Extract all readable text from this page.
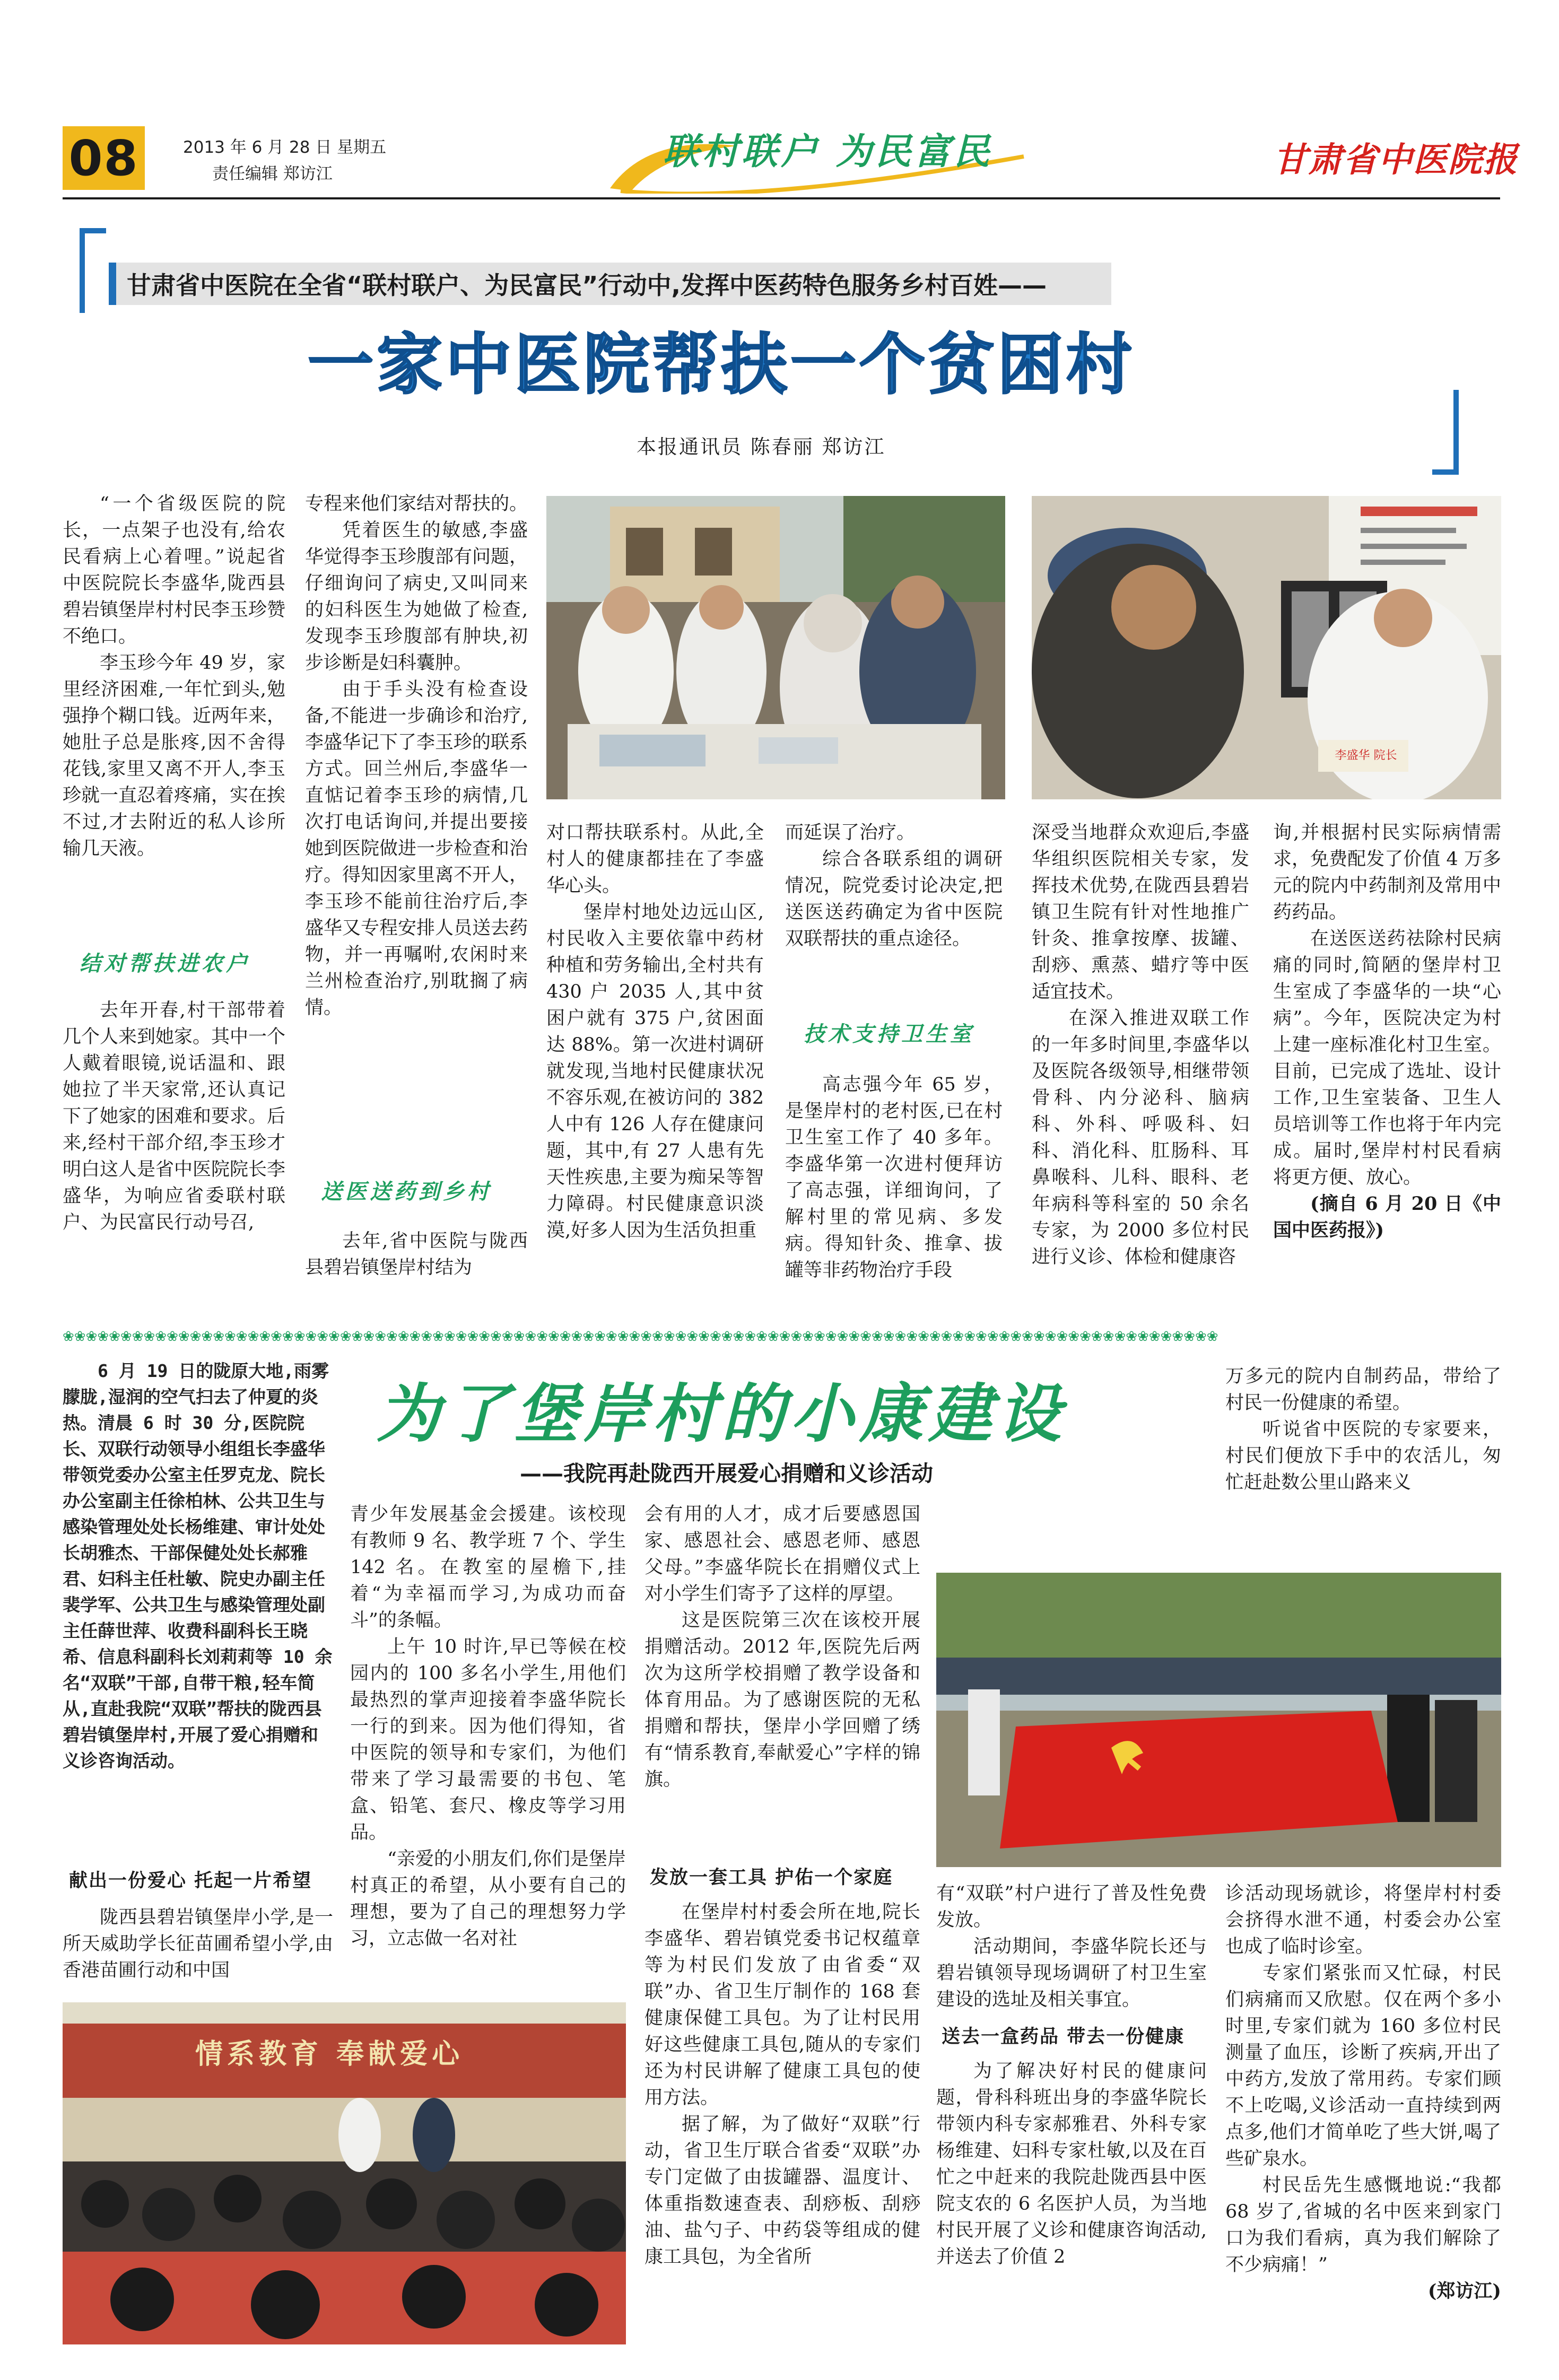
08	2013 年 6 月 28 日 星期五
责任编辑 郑访江
联村联户 为民富民	甘肃省中医院报
甘肃省中医院在全省“联村联户、为民富民”行动中,发挥中医药特色服务乡村百姓——
一家中医院帮扶一个贫困村
本报通讯员 陈春丽 郑访江

“一个省级医院的院长，一点架子也没有,给农民看病上心着哩。”说起省中医院院长李盛华,陇西县碧岩镇堡岸村村民李玉珍赞不绝口。

李玉珍今年 49 岁，家里经济困难,一年忙到头,勉强挣个糊口钱。近两年来，她肚子总是胀疼,因不舍得花钱,家里又离不开人,李玉珍就一直忍着疼痛，实在挨不过,才去附近的私人诊所输几天液。

结对帮扶进农户

去年开春,村干部带着几个人来到她家。其中一个人戴着眼镜,说话温和、跟她拉了半天家常,还认真记下了她家的困难和要求。后来,经村干部介绍,李玉珍才明白这人是省中医院院长李盛华，为响应省委联村联户、为民富民行动号召,

专程来他们家结对帮扶的。

凭着医生的敏感,李盛华觉得李玉珍腹部有问题，仔细询问了病史,又叫同来的妇科医生为她做了检查,发现李玉珍腹部有肿块,初步诊断是妇科囊肿。

由于手头没有检查设备,不能进一步确诊和治疗,李盛华记下了李玉珍的联系方式。回兰州后,李盛华一直惦记着李玉珍的病情,几次打电话询问,并提出要接她到医院做进一步检查和治疗。得知因家里离不开人，李玉珍不能前往治疗后,李盛华又专程安排人员送去药物，并一再嘱咐,农闲时来兰州检查治疗,别耽搁了病情。

送医送药到乡村

去年,省中医院与陇西县碧岩镇堡岸村结为

李盛华 院长

对口帮扶联系村。从此,全村人的健康都挂在了李盛华心头。

堡岸村地处边远山区,村民收入主要依靠中药材种植和劳务输出,全村共有 430 户 2035 人,其中贫困户就有 375 户,贫困面达 88%。第一次进村调研就发现,当地村民健康状况不容乐观,在被访问的 382 人中有 126 人存在健康问题，其中,有 27 人患有先天性疾患,主要为痴呆等智力障碍。村民健康意识淡漠,好多人因为生活负担重

而延误了治疗。

综合各联系组的调研情况，院党委讨论决定,把送医送药确定为省中医院双联帮扶的重点途径。

技术支持卫生室

高志强今年 65 岁，是堡岸村的老村医,已在村卫生室工作了 40 多年。李盛华第一次进村便拜访了高志强，详细询问，了解村里的常见病、多发病。得知针灸、推拿、拔罐等非药物治疗手段

深受当地群众欢迎后,李盛华组织医院相关专家，发挥技术优势,在陇西县碧岩镇卫生院有针对性地推广针灸、推拿按摩、拔罐、刮痧、熏蒸、蜡疗等中医适宜技术。

在深入推进双联工作的一年多时间里,李盛华以及医院各级领导,相继带领骨科、内分泌科、脑病科、外科、呼吸科、妇科、消化科、肛肠科、耳鼻喉科、儿科、眼科、老年病科等科室的 50 余名专家，为 2000 多位村民进行义诊、体检和健康咨

询,并根据村民实际病情需求，免费配发了价值 4 万多元的院内中药制剂及常用中药药品。

在送医送药祛除村民病痛的同时,简陋的堡岸村卫生室成了李盛华的一块“心病”。今年，医院决定为村上建一座标准化村卫生室。目前，已完成了选址、设计工作,卫生室装备、卫生人员培训等工作也将于年内完成。届时,堡岸村村民看病将更方便、放心。

(摘自 6 月 20 日《中国中医药报》)

❀❀❀❀❀❀❀❀❀❀❀❀❀❀❀❀❀❀❀❀❀❀❀❀❀❀❀❀❀❀❀❀❀❀❀❀❀❀❀❀❀❀❀❀❀❀❀❀❀❀❀❀❀❀❀❀❀❀❀❀❀❀❀❀❀❀❀❀❀❀❀❀❀❀❀❀❀❀❀❀❀❀❀❀❀❀❀❀❀❀❀❀❀❀❀❀❀❀❀❀
6 月 19 日的陇原大地,雨雾朦胧,湿润的空气扫去了仲夏的炎热。清晨 6 时 30 分,医院院长、双联行动领导小组组长李盛华带领党委办公室主任罗克龙、院长办公室副主任徐柏林、公共卫生与感染管理处处长杨维建、审计处处长胡雅杰、干部保健处处长郝雅君、妇科主任杜敏、院史办副主任裴学军、公共卫生与感染管理处副主任薛世萍、收费科副科长王晓希、信息科副科长刘莉莉等 10 余名“双联”干部,自带干粮,轻车简从,直赴我院“双联”帮扶的陇西县碧岩镇堡岸村,开展了爱心捐赠和义诊咨询活动。
为了堡岸村的小康建设
——我院再赴陇西开展爱心捐赠和义诊活动
献出一份爱心 托起一片希望

陇西县碧岩镇堡岸小学,是一所天威助学长征苗圃希望小学,由香港苗圃行动和中国

青少年发展基金会援建。该校现有教师 9 名、教学班 7 个、学生 142 名。在教室的屋檐下,挂着“为幸福而学习,为成功而奋斗”的条幅。

上午 10 时许,早已等候在校园内的 100 多名小学生,用他们最热烈的掌声迎接着李盛华院长一行的到来。因为他们得知，省中医院的领导和专家们，为他们带来了学习最需要的书包、笔盒、铅笔、套尺、橡皮等学习用品。

“亲爱的小朋友们,你们是堡岸村真正的希望，从小要有自己的理想，要为了自己的理想努力学习，立志做一名对社

会有用的人才，成才后要感恩国家、感恩社会、感恩老师、感恩父母。”李盛华院长在捐赠仪式上对小学生们寄予了这样的厚望。

这是医院第三次在该校开展捐赠活动。2012 年,医院先后两次为这所学校捐赠了教学设备和体育用品。为了感谢医院的无私捐赠和帮扶，堡岸小学回赠了绣有“情系教育,奉献爱心”字样的锦旗。

发放一套工具 护佑一个家庭

在堡岸村村委会所在地,院长李盛华、碧岩镇党委书记权蕴章等为村民们发放了由省委“双联”办、省卫生厅制作的 168 套健康保健工具包。为了让村民用好这些健康工具包,随从的专家们还为村民讲解了健康工具包的使用方法。

据了解，为了做好“双联”行动，省卫生厅联合省委“双联”办专门定做了由拔罐器、温度计、体重指数速查表、刮痧板、刮痧油、盐勺子、中药袋等组成的健康工具包，为全省所

有“双联”村户进行了普及性免费发放。

活动期间，李盛华院长还与碧岩镇领导现场调研了村卫生室建设的选址及相关事宜。

送去一盒药品 带去一份健康

为了解决好村民的健康问题，骨科科班出身的李盛华院长带领内科专家郝雅君、外科专家杨维建、妇科专家杜敏,以及在百忙之中赶来的我院赴陇西县中医院支农的 6 名医护人员，为当地村民开展了义诊和健康咨询活动,并送去了价值 2

万多元的院内自制药品，带给了村民一份健康的希望。

听说省中医院的专家要来，村民们便放下手中的农活儿，匆忙赶赴数公里山路来义

诊活动现场就诊，将堡岸村村委会挤得水泄不通，村委会办公室也成了临时诊室。

专家们紧张而又忙碌，村民们病痛而又欣慰。仅在两个多小时里,专家们就为 160 多位村民测量了血压，诊断了疾病,开出了中药方,发放了常用药。专家们顾不上吃喝,义诊活动一直持续到两点多,他们才简单吃了些大饼,喝了些矿泉水。

村民岳先生感慨地说:“我都 68 岁了,省城的名中医来到家门口为我们看病，真为我们解除了不少病痛！”

(郑访江)

情系教育 奉献爱心
